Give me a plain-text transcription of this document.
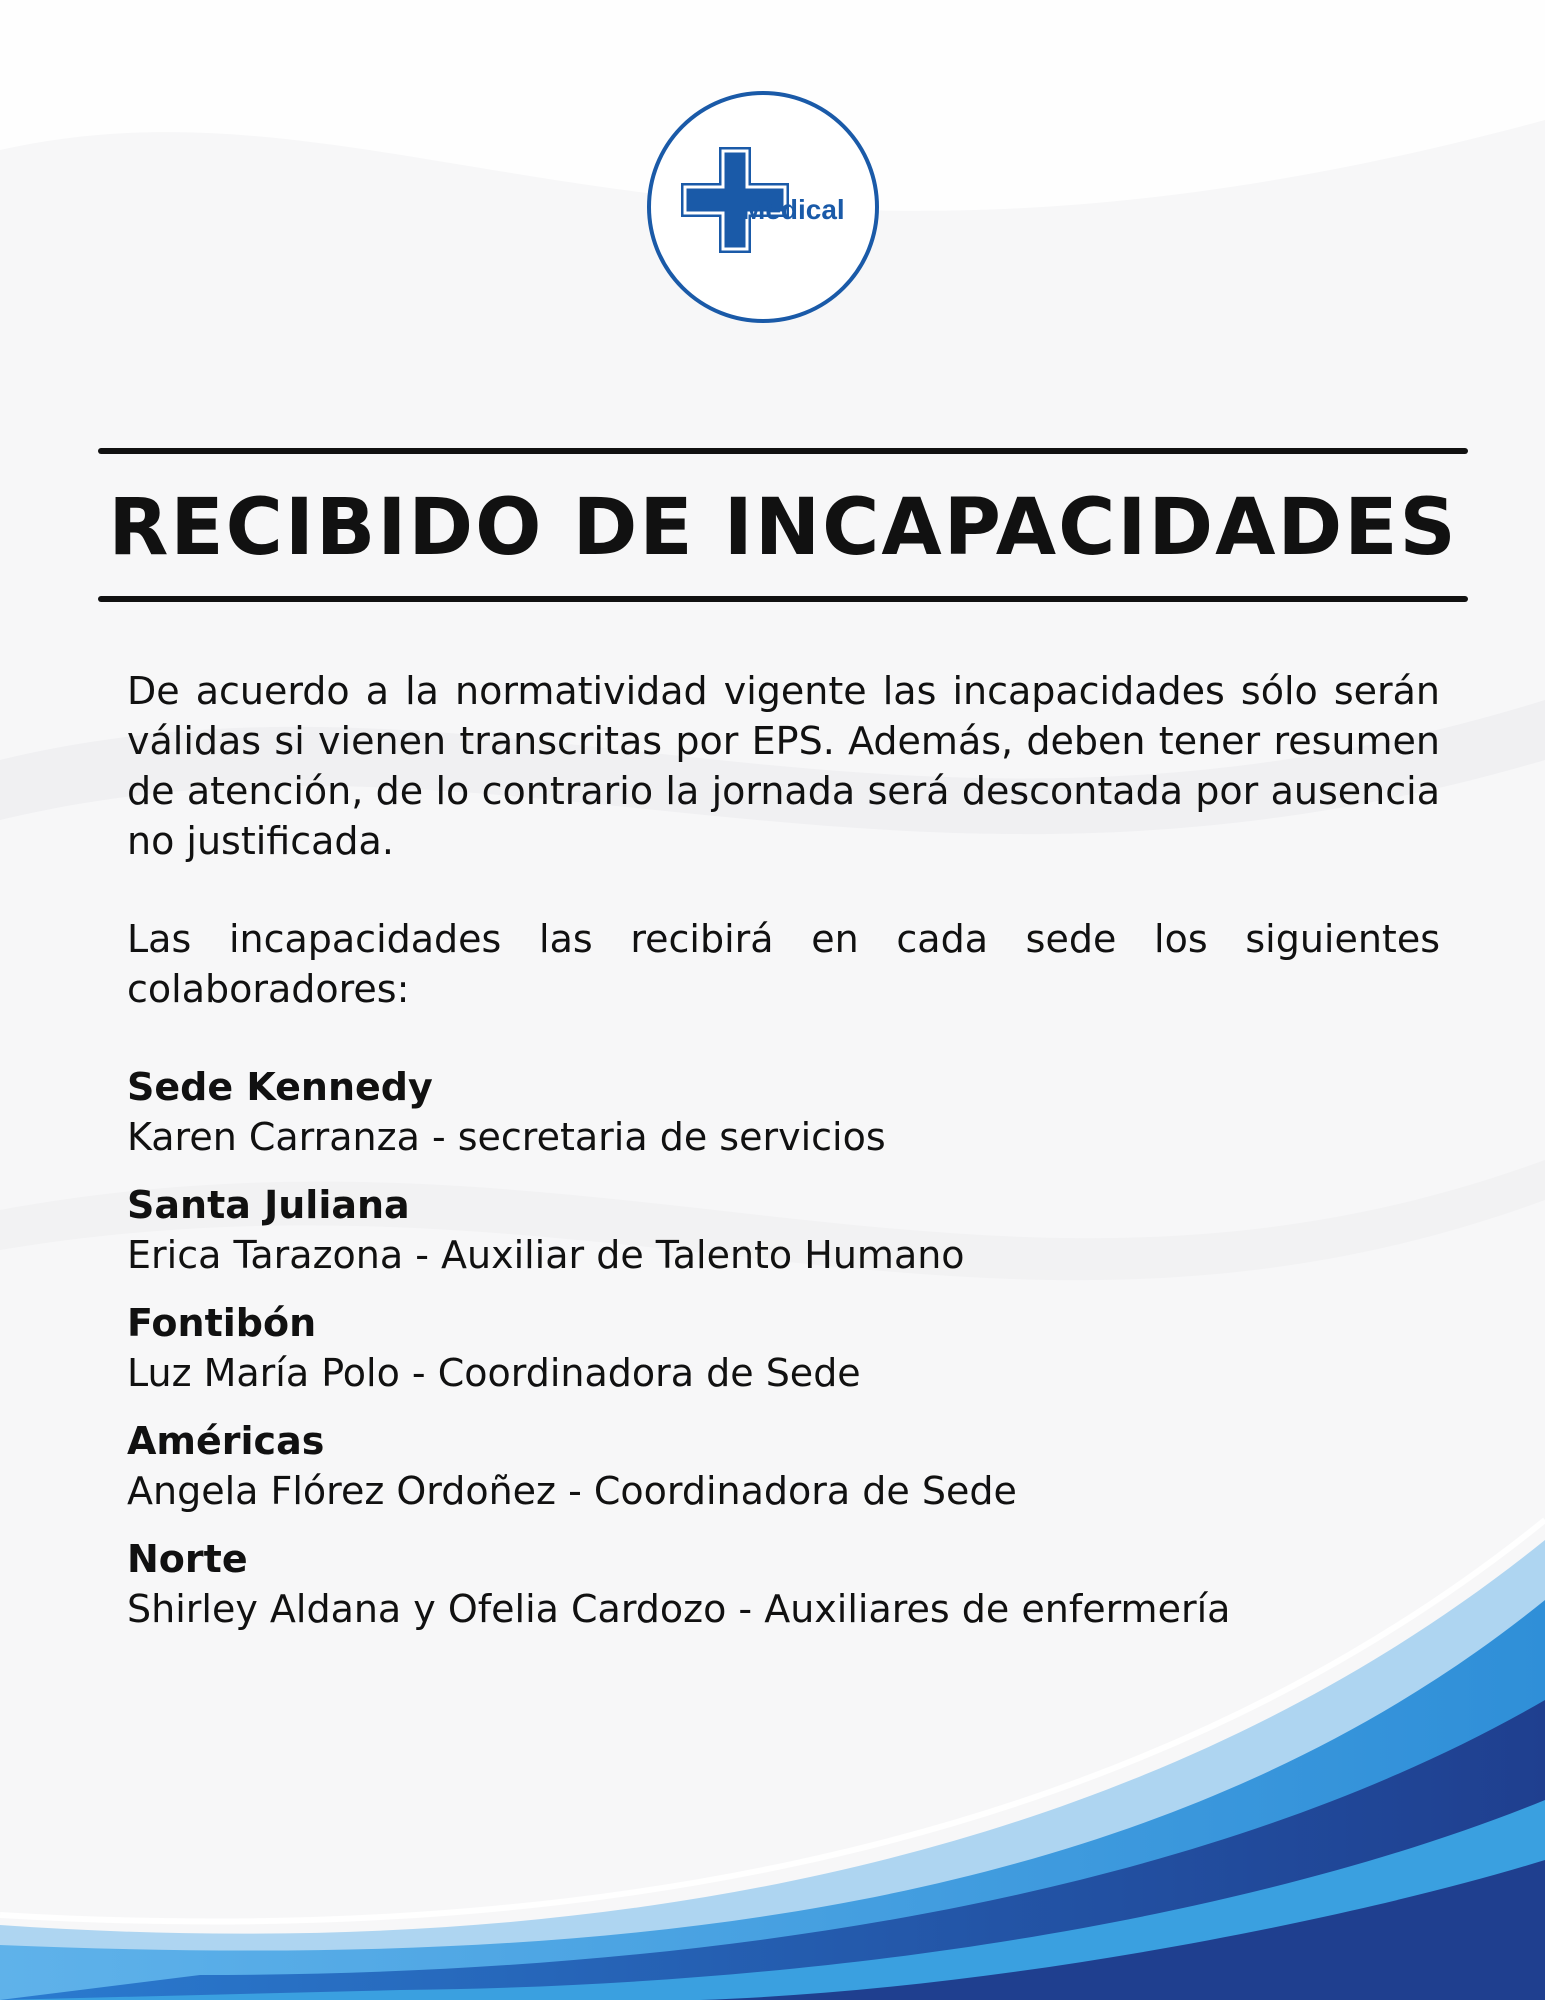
Medical
RECIBIDO DE INCAPACIDADES

De acuerdo a la normatividad vigente las incapacidades sólo serán válidas si vienen transcritas por EPS. Además, deben tener resumen de atención, de lo contrario la jornada será descontada por ausencia no justificada.

Las incapacidades las recibirá en cada sede los siguientes colaboradores:

Sede Kennedy
Karen Carranza - secretaria de servicios
Santa Juliana
Erica Tarazona - Auxiliar de Talento Humano
Fontibón
Luz María Polo - Coordinadora de Sede
Américas
Angela Flórez Ordoñez - Coordinadora de Sede
Norte
Shirley Aldana y Ofelia Cardozo - Auxiliares de enfermería
